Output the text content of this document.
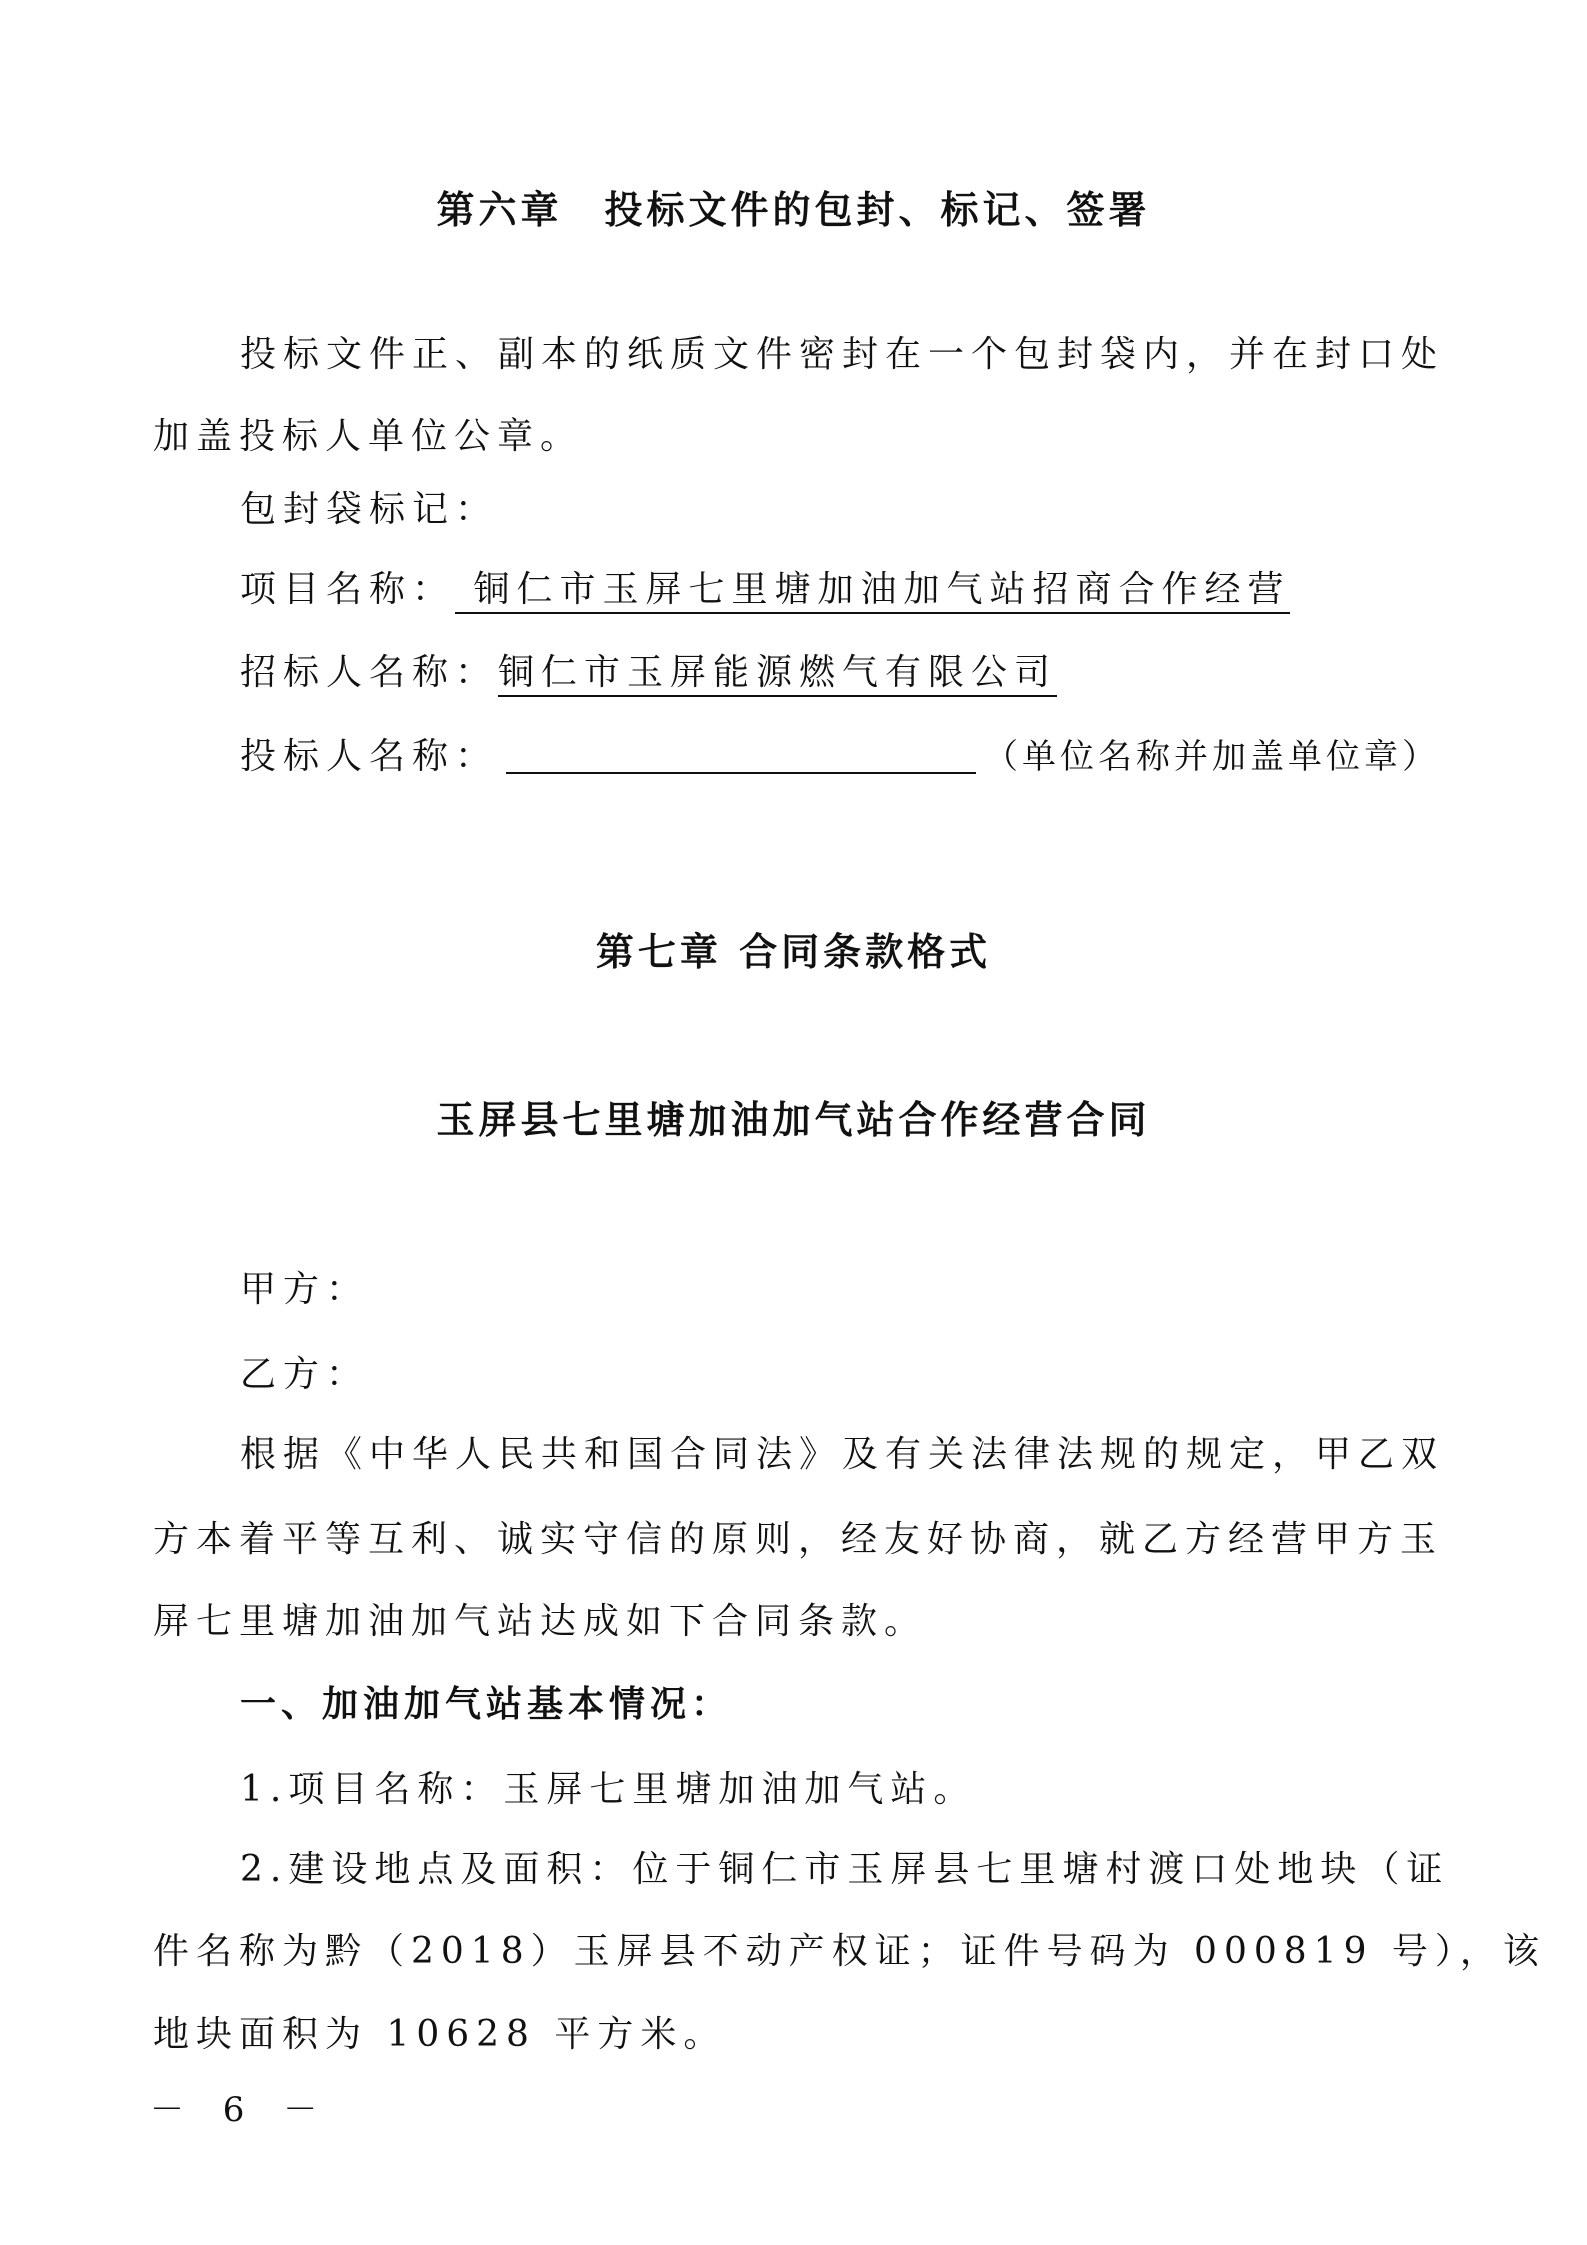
第六章　投标文件的包封、标记、签署
投标文件正、副本的纸质文件密封在一个包封袋内，并在封口处
加盖投标人单位公章。
包封袋标记：
项目名称： 铜仁市玉屏七里塘加油加气站招商合作经营
招标人名称：铜仁市玉屏能源燃气有限公司
投标人名称：	（单位名称并加盖单位章）
第七章 合同条款格式
玉屏县七里塘加油加气站合作经营合同
甲方：
乙方：
根据《中华人民共和国合同法》及有关法律法规的规定，甲乙双
方本着平等互利、诚实守信的原则，经友好协商，就乙方经营甲方玉
屏七里塘加油加气站达成如下合同条款。
一、加油加气站基本情况：
1.项目名称：玉屏七里塘加油加气站。
2.建设地点及面积：位于铜仁市玉屏县七里塘村渡口处地块（证
件名称为黔（2018）玉屏县不动产权证；证件号码为 000819 号），该
地块面积为 10628 平方米。
－ 6 －
